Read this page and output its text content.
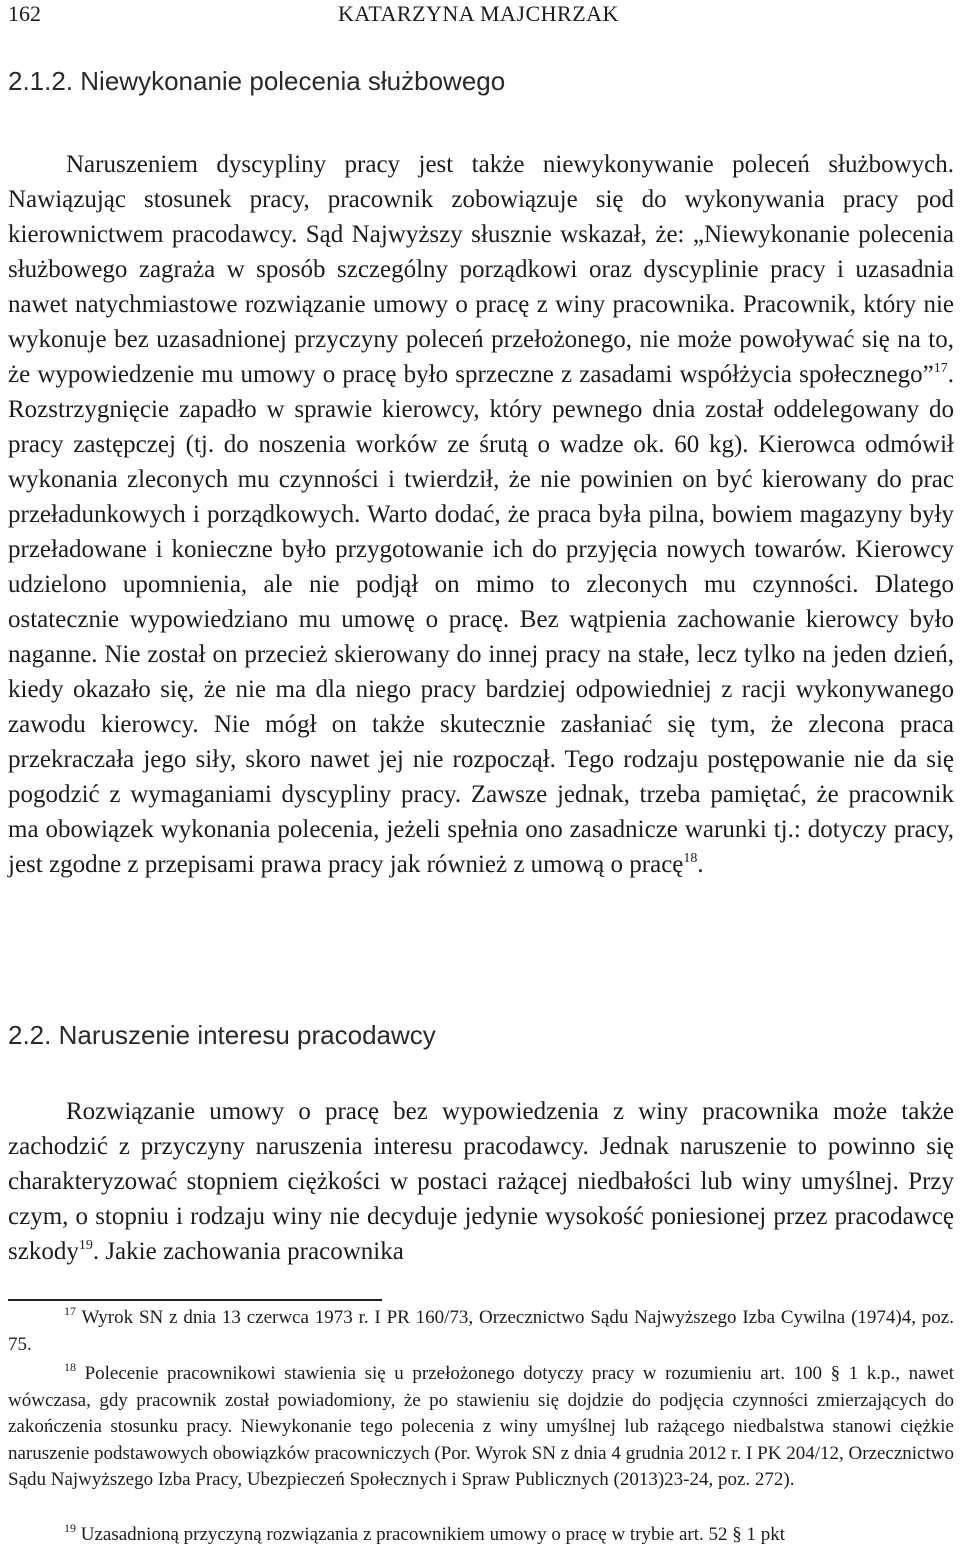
162	KATARZYNA MAJCHRZAK
2.1.2. Niewykonanie polecenia służbowego
Naruszeniem dyscypliny pracy jest także niewykonywanie poleceń służbowych. Nawiązując stosunek pracy, pracownik zobowiązuje się do wykonywania pracy pod kierownictwem pracodawcy. Sąd Najwyższy słusznie wskazał, że: „Niewykonanie polecenia służbowego zagraża w sposób szczególny porządkowi oraz dyscyplinie pracy i uzasadnia nawet natychmiastowe rozwiązanie umowy o pracę z winy pracownika. Pracownik, który nie wykonuje bez uzasadnionej przyczyny poleceń przełożonego, nie może powoływać się na to, że wypowiedzenie mu umowy o pracę było sprzeczne z zasadami współżycia społecznego”$^{17}$. Rozstrzygnięcie zapadło w sprawie kierowcy, który pewnego dnia został oddelegowany do pracy zastępczej (tj. do noszenia worków ze śrutą o wadze ok. 60 kg). Kierowca odmówił wykonania zleconych mu czynności i twierdził, że nie powinien on być kierowany do prac przeładunkowych i porządkowych. Warto dodać, że praca była pilna, bowiem magazyny były przeładowane i konieczne było przygotowanie ich do przyjęcia nowych towarów. Kierowcy udzielono upomnienia, ale nie podjął on mimo to zleconych mu czynności. Dlatego ostatecznie wypowiedziano mu umowę o pracę. Bez wątpienia zachowanie kierowcy było naganne. Nie został on przecież skierowany do innej pracy na stałe, lecz tylko na jeden dzień, kiedy okazało się, że nie ma dla niego pracy bardziej odpowiedniej z racji wykonywanego zawodu kierowcy. Nie mógł on także skutecznie zasłaniać się tym, że zlecona praca przekraczała jego siły, skoro nawet jej nie rozpoczął. Tego rodzaju postępowanie nie da się pogodzić z wymaganiami dyscypliny pracy. Zawsze jednak, trzeba pamiętać, że pracownik ma obowiązek wykonania polecenia, jeżeli spełnia ono zasadnicze warunki tj.: dotyczy pracy, jest zgodne z przepisami prawa pracy jak również z umową o pracę$^{18}$.
2.2. Naruszenie interesu pracodawcy
Rozwiązanie umowy o pracę bez wypowiedzenia z winy pracownika może także zachodzić z przyczyny naruszenia interesu pracodawcy. Jednak naruszenie to powinno się charakteryzować stopniem ciężkości w postaci rażącej niedbałości lub winy umyślnej. Przy czym, o stopniu i rodzaju winy nie decyduje jedynie wysokość poniesionej przez pracodawcę szkody$^{19}$. Jakie zachowania pracownika
$^{17}$ Wyrok SN z dnia 13 czerwca 1973 r. I PR 160/73, Orzecznictwo Sądu Najwyższego Izba Cywilna (1974)4, poz. 75.
$^{18}$ Polecenie pracownikowi stawienia się u przełożonego dotyczy pracy w rozumieniu art. 100 § 1 k.p., nawet wówczasa, gdy pracownik został powiadomiony, że po stawieniu się dojdzie do podjęcia czynności zmierzających do zakończenia stosunku pracy. Niewykonanie tego polecenia z winy umyślnej lub rażącego niedbalstwa stanowi ciężkie naruszenie podstawowych obowiązków pracowniczych (Por. Wyrok SN z dnia 4 grudnia 2012 r. I PK 204/12, Orzecznictwo Sądu Najwyższego Izba Pracy, Ubezpieczeń Społecznych i Spraw Publicznych (2013)23-24, poz. 272).
$^{19}$ Uzasadnioną przyczyną rozwiązania z pracownikiem umowy o pracę w trybie art. 52 § 1 pkt
